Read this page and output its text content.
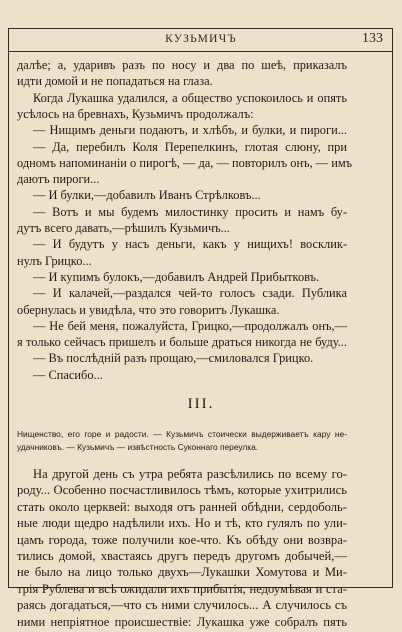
КУЗЬМИЧЪ	133
далѣе; а, ударивъ разъ по носу и два по шеѣ, приказалъ
идти домой и не попадаться на глаза.
Когда Лукашка удалился, а общество успокоилось и опять
усѣлось на бревнахъ, Кузьмичъ продолжалъ:
— Нищимъ деньги подаютъ, и хлѣбъ, и булки, и пироги...
— Да, перебилъ Коля Перепелкинъ, глотая слюну, при
одномъ напоминаніи о пирогѣ, — да, — повторилъ онъ, — имъ
даютъ пироги...
— И булки,—добавилъ Иванъ Стрѣлковъ...
— Вотъ и мы будемъ милостинку просить и намъ бу-
дутъ всего давать,—рѣшилъ Кузьмичъ...
— И будутъ у насъ деньги, какъ у нищихъ! восклик-
нулъ Грицко...
— И купимъ булокъ,—добавилъ Андрей Прибытковъ.
— И калачей,—раздался чей-то голосъ сзади. Публика
обернулась и увидѣла, что это говоритъ Лукашка.
— Не бей меня, пожалуйста, Грицко,—продолжалъ онъ,—
я только сейчасъ пришелъ и больше драться никогда не буду...
— Въ послѣдній разъ прощаю,—смиловался Грицко.
— Спасибо...
III.
Нищенство, его горе и радости. — Кузьмичъ стоически выдерживаетъ кару не-
удачниковъ. — Кузьмичъ — извѣстность Суконнаго переулка.
На другой день съ утра ребята разсѣлились по всему го-
роду... Особенно посчастливилось тѣмъ, которые ухитрились
стать около церквей: выходя отъ ранней обѣдни, сердоболь-
ные люди щедро надѣлили ихъ. Но и тѣ, кто гулялъ по ули-
цамъ города, тоже получили кое-что. Къ обѣду они возвра-
тились домой, хвастаясь другъ передъ другомъ добычей,—
не было на лицо только двухъ—Лукашки Хомутова и Ми-
трія Рублева и всѣ ожидали ихъ прибытія, недоумѣвая и ста-
раясь догадаться,—что съ ними случилось... А случилось съ
ними непріятное происшествіе: Лукашка уже собралъ пять
